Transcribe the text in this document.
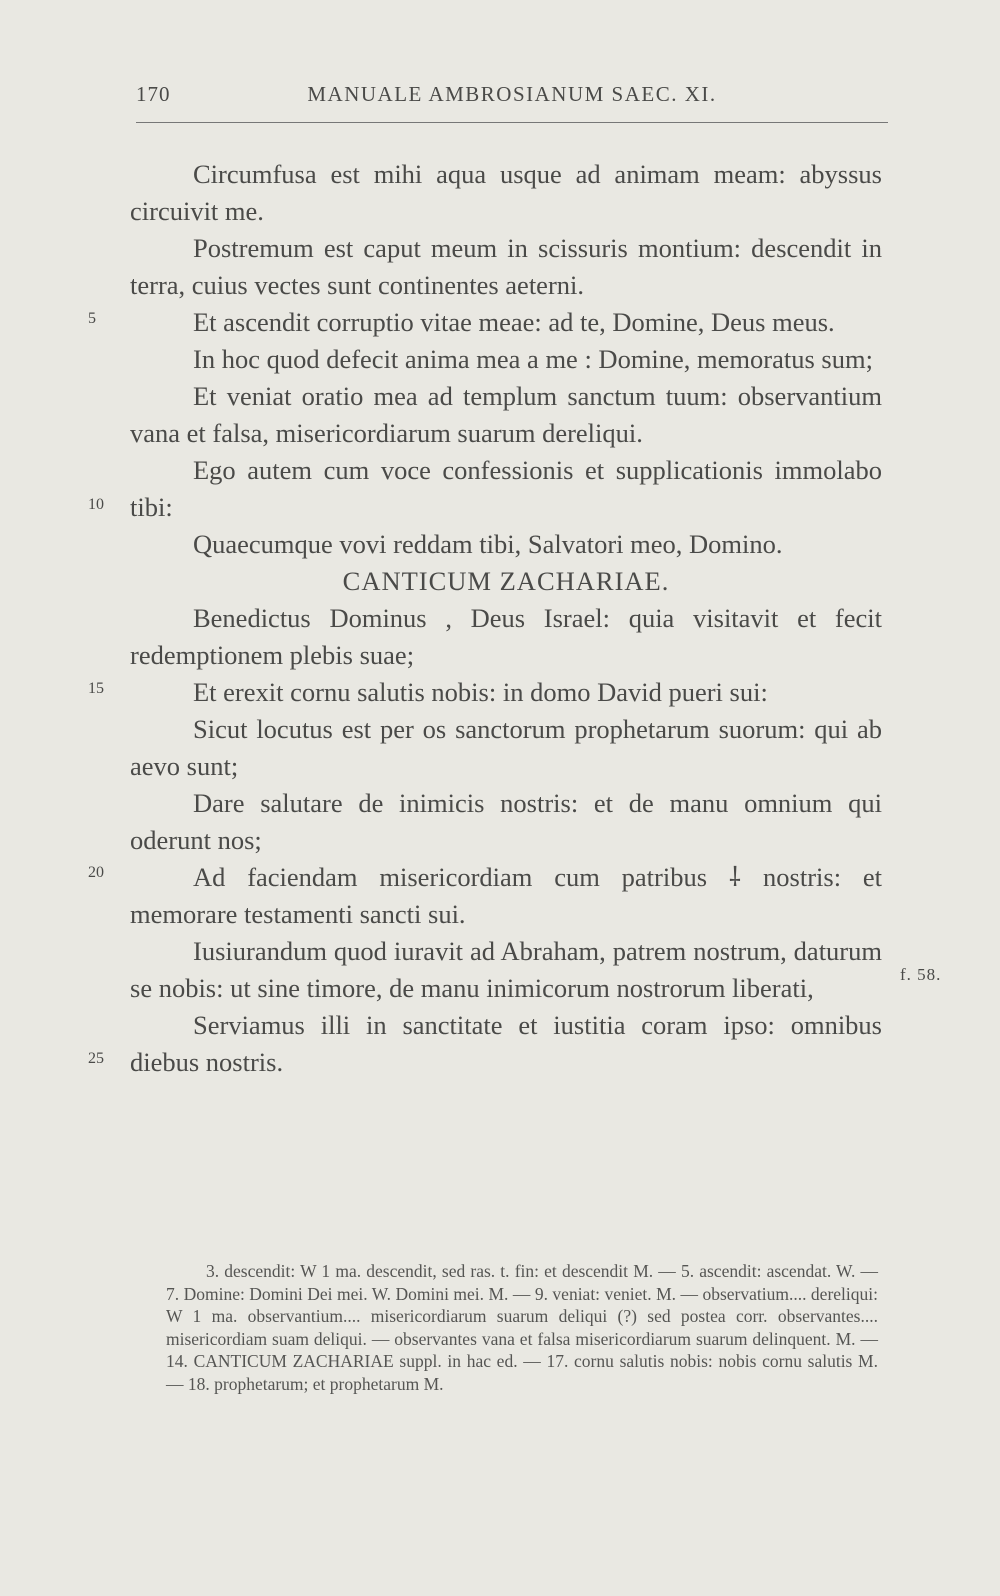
170	MANUALE AMBROSIANUM SAEC. XI.

Circumfusa est mihi aqua usque ad animam meam: abyssus circuivit me.

Postremum est caput meum in scissuris montium: descendit in terra, cuius vectes sunt continentes aeterni.

Et ascendit corruptio vitae meae: ad te, Domine, Deus meus.

In hoc quod defecit anima mea a me : Domine, memoratus sum;

Et veniat oratio mea ad templum sanctum tuum: observantium vana et falsa, misericordiarum suarum dereliqui.

Ego autem cum voce confessionis et supplicationis immolabo tibi:

Quaecumque vovi reddam tibi, Salvatori meo, Domino.

CANTICUM ZACHARIAE.

Benedictus Dominus , Deus Israel: quia visitavit et fecit redemptionem plebis suae;

Et erexit cornu salutis nobis: in domo David pueri sui:

Sicut locutus est per os sanctorum prophetarum suorum: qui ab aevo sunt;

Dare salutare de inimicis nostris: et de manu omnium qui oderunt nos;

Ad faciendam misericordiam cum patribus ⸸ nostris: et memorare testamenti sancti sui.

Iusiurandum quod iuravit ad Abraham, patrem nostrum, daturum se nobis: ut sine timore, de manu inimicorum nostrorum liberati,

Serviamus illi in sanctitate et iustitia coram ipso: omnibus diebus nostris.

5
10
15
20
25
f. 58.

3. descendit: W 1 ma. descendit, sed ras. t. fin: et descendit M. — 5. ascendit: ascendat. W. — 7. Domine: Domini Dei mei. W. Domini mei. M. — 9. veniat: veniet. M. — observatium.... dereliqui: W 1 ma. observantium.... misericordiarum suarum deliqui (?) sed postea corr. observantes.... misericordiam suam deliqui. — observantes vana et falsa misericordiarum suarum delinquent. M. — 14. CANTICUM ZACHARIAE suppl. in hac ed. — 17. cornu salutis nobis: nobis cornu salutis M. — 18. prophetarum; et prophetarum M.
